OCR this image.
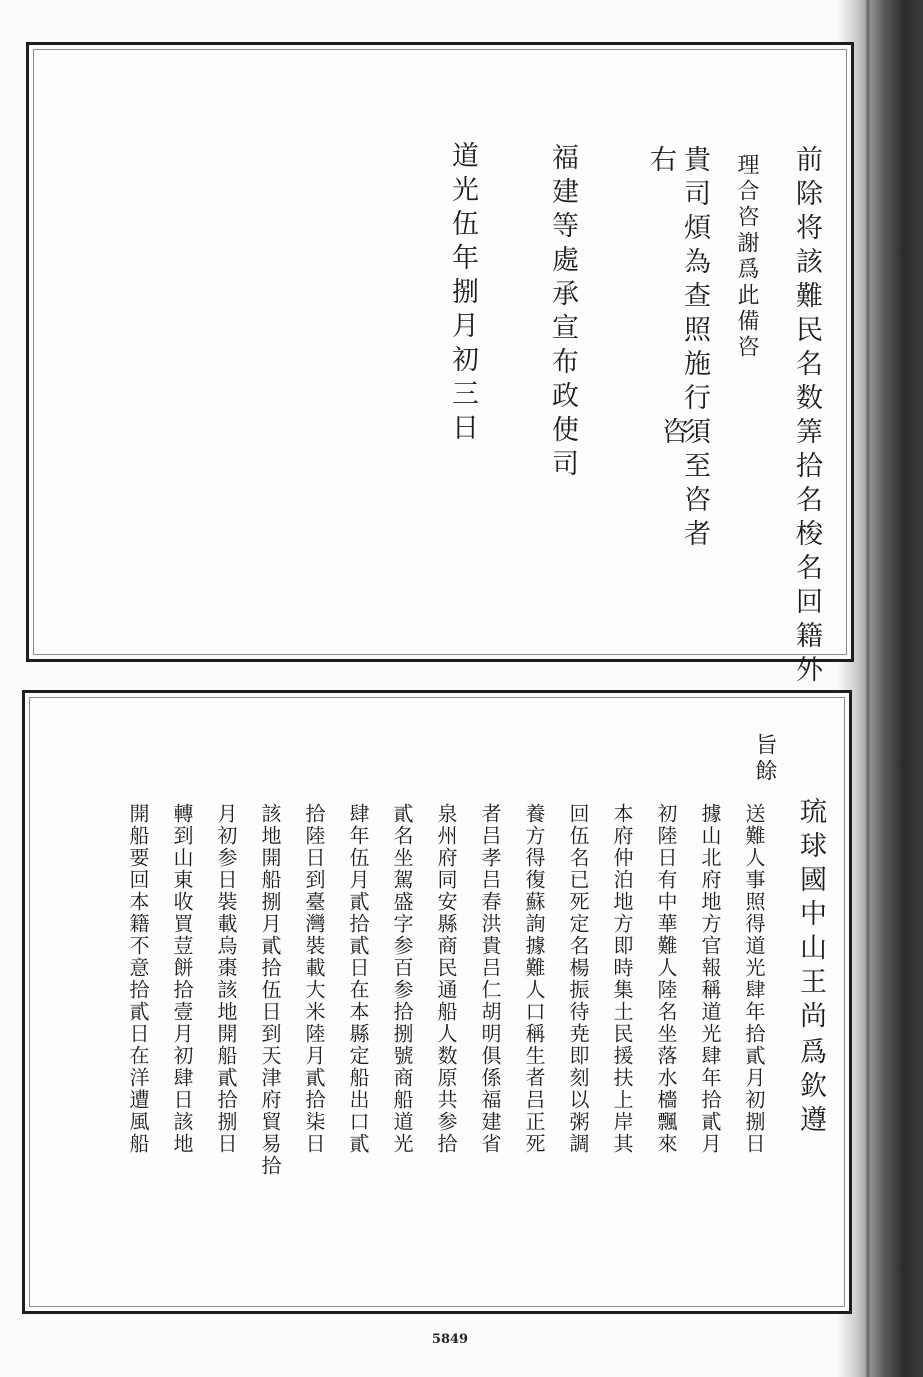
前除将該難民名数筭拾名梭名回籍外
理合咨謝爲此備咨
貴司煩為查照施行須至咨者
右
咨
福建等處承宣布政使司
道光伍年捌月初三日
琉球國中山王尚
爲欽遵
旨餘
送難人事照得道光肆年拾貳月初捌日
據山北府地方官報稱道光肆年拾貳月
初陸日有中華難人陸名坐落水檣飄來
本府仲泊地方即時集土民援扶上岸其
回伍名已死定名楊振待尭即刻以粥調
養方得復蘇詢據難人口稱生者吕正死
者吕孝吕春洪貴吕仁胡明俱係福建省
泉州府同安縣商民通船人数原共参拾
貳名坐駕盛字参百参拾捌號商船道光
肆年伍月貳拾貳日在本縣定船出口貳
拾陸日到臺灣裝載大米陸月貳拾柒日
該地開船捌月貳拾伍日到天津府貿易拾
月初参日裝載烏棗該地開船貳拾捌日
轉到山東收買荳餅拾壹月初肆日該地
開船要回本籍不意拾貳日在洋遭風船
5849
